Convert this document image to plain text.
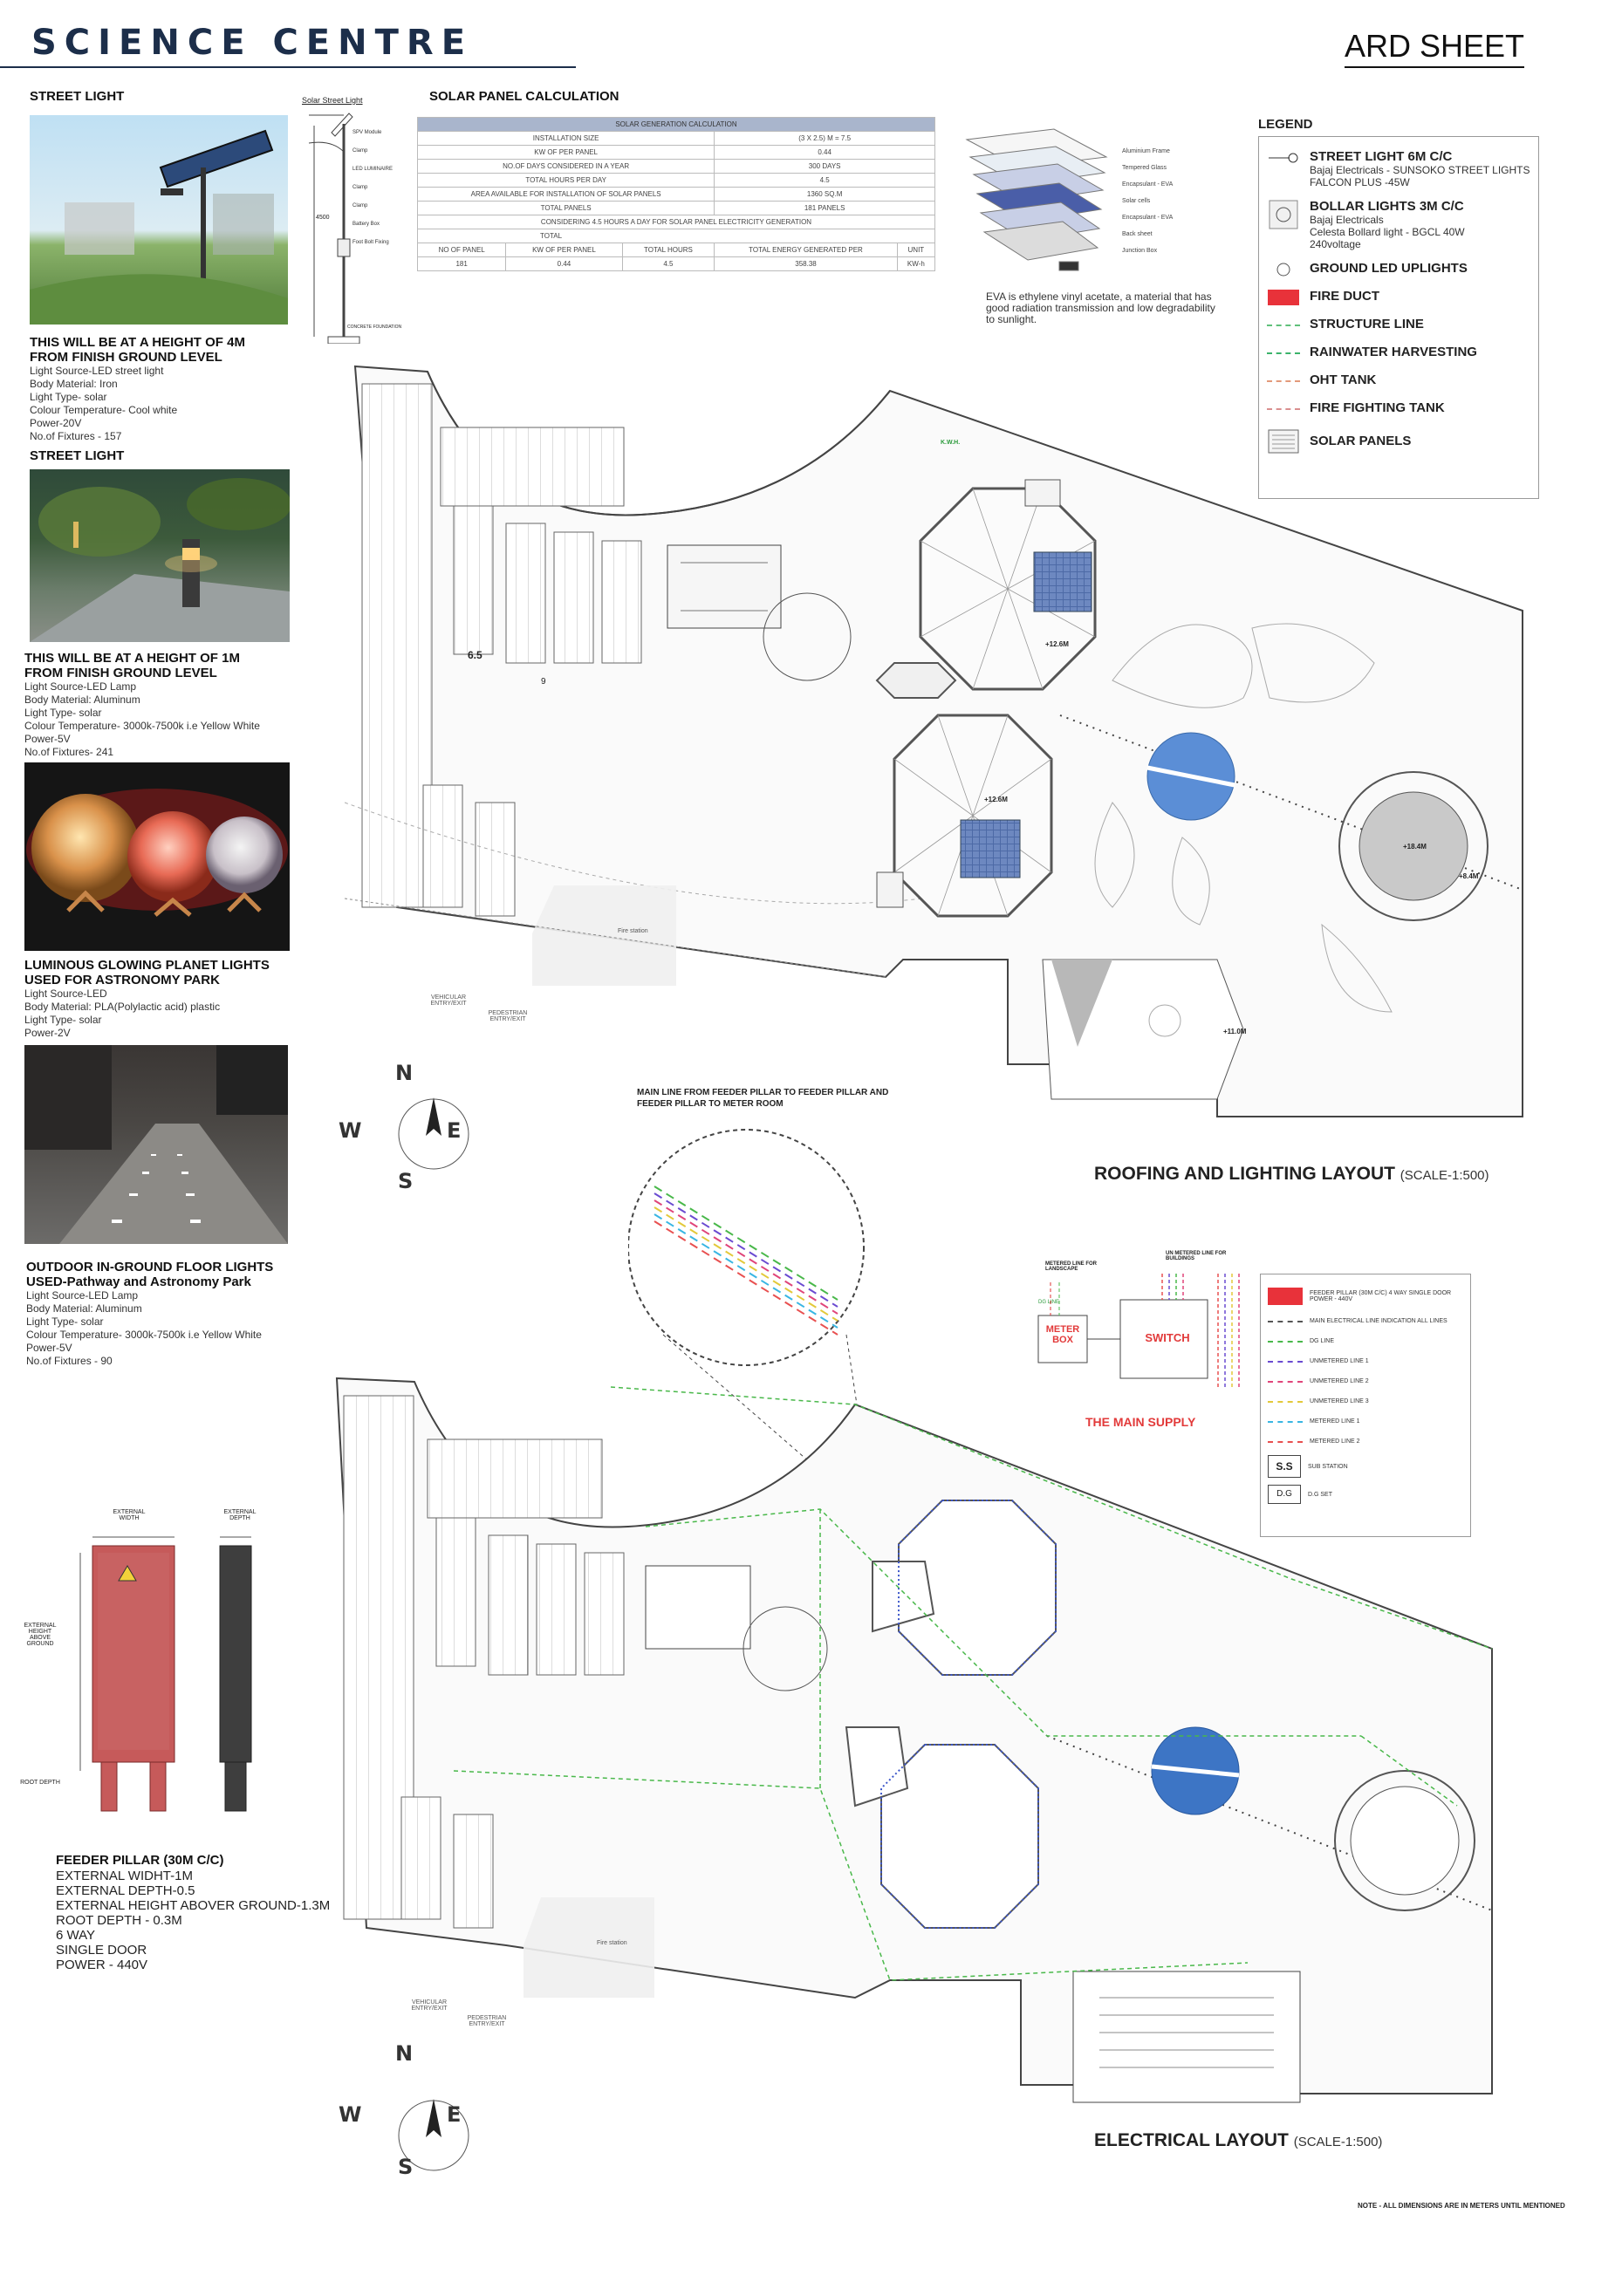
SCIENCE CENTRE	ARD SHEET
STREET LIGHT
THIS WILL BE AT A HEIGHT OF 4M FROM FINISH GROUND LEVEL
Light Source-LED street light
Body Material: Iron
Light Type- solar
Colour Temperature- Cool white
Power-20V
No.of Fixtures - 157
STREET LIGHT
THIS WILL BE AT A HEIGHT OF 1M FROM FINISH GROUND LEVEL
Light Source-LED Lamp
Body Material: Aluminum
Light Type- solar
Colour Temperature- 3000k-7500k i.e Yellow White
Power-5V
No.of Fixtures- 241
LUMINOUS GLOWING PLANET LIGHTS USED FOR ASTRONOMY PARK
Light Source-LED
Body Material: PLA(Polylactic acid) plastic
Light Type- solar
Power-2V
OUTDOOR IN-GROUND FLOOR LIGHTS USED-Pathway and Astronomy Park
Light Source-LED Lamp
Body Material: Aluminum
Light Type- solar
Colour Temperature- 3000k-7500k i.e Yellow White
Power-5V
No.of Fixtures - 90
EXTERNAL WIDTH
EXTERNAL DEPTH
EXTERNAL HEIGHT ABOVE GROUND
ROOT DEPTH
FEEDER PILLAR (30M C/C)
EXTERNAL WIDHT-1M
EXTERNAL DEPTH-0.5
EXTERNAL HEIGHT ABOVER GROUND-1.3M
ROOT DEPTH - 0.3M
6 WAY
SINGLE DOOR
POWER - 440V
Solar Street Light
SPV Module
Clamp
LED LUMINAIRE
Clamp
Clamp
Battery Box
Foot Bolt Fixing
4500
CONCRETE FOUNDATION
SOLAR PANEL CALCULATION
SOLAR GENERATION CALCULATION				
INSTALLATION SIZE			(3 X 2.5) M = 7.5	
KW OF PER PANEL			0.44	
NO.OF DAYS CONSIDERED IN A YEAR			300 DAYS	
TOTAL HOURS PER DAY			4.5	
AREA AVAILABLE FOR INSTALLATION OF SOLAR PANELS			1360 SQ.M	
TOTAL PANELS			181 PANELS	
CONSIDERING 4.5 HOURS A DAY FOR SOLAR PANEL ELECTRICITY GENERATION				
TOTAL				
NO OF PANEL	KW OF PER PANEL	TOTAL HOURS	TOTAL ENERGY GENERATED PER	UNIT
181	0.44	4.5	358.38	KW-h
Aluminium Frame
Tempered Glass
Encapsulant - EVA
Solar cells
Encapsulant - EVA
Back sheet
Junction Box
EVA is ethylene vinyl acetate, a material that has good radiation transmission and low degradability to sunlight.
LEGEND
STREET LIGHT 6M C/C
Bajaj Electricals - SUNSOKO STREET LIGHTS
FALCON PLUS -45W
BOLLAR LIGHTS 3M C/C
Bajaj Electricals
Celesta Bollard light - BGCL 40W
240voltage
GROUND LED UPLIGHTS
FIRE DUCT
STRUCTURE LINE
RAINWATER HARVESTING
OHT TANK
FIRE FIGHTING TANK
SOLAR PANELS
+12.6M
+12.6M
+18.4M
+8.4M
+11.0M
6.5
9
K.W.H.
Fire station
VEHICULAR ENTRY/EXIT
PEDESTRIAN ENTRY/EXIT
ROOFING AND LIGHTING LAYOUT (SCALE-1:500)
N
S
W	E
MAIN LINE FROM FEEDER PILLAR TO FEEDER PILLAR AND FEEDER PILLAR TO METER ROOM
METERED LINE FOR LANDSCAPE
UN METERED LINE FOR BUILDINGS
DG LINE
METER BOX	SWITCH
THE MAIN SUPPLY
FEEDER PILLAR (30M C/C) 4 WAY SINGLE DOOR POWER - 440V
MAIN ELECTRICAL LINE INDICATION ALL LINES
DG LINE
UNMETERED LINE 1
UNMETERED LINE 2
UNMETERED LINE 3
METERED LINE 1
METERED LINE 2
S.S	SUB STATION
D.G	D.G SET
Fire station
VEHICULAR ENTRY/EXIT
PEDESTRIAN ENTRY/EXIT
ELECTRICAL LAYOUT (SCALE-1:500)
N
S
W	E
NOTE - ALL DIMENSIONS ARE IN METERS UNTIL MENTIONED
